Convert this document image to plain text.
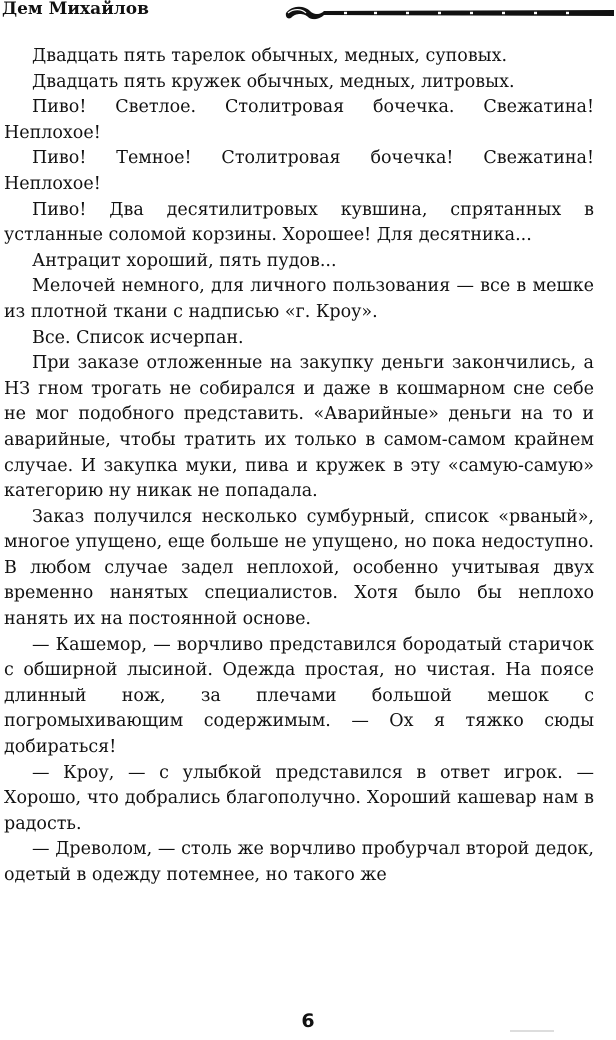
Дем Михайлов

Двадцать пять тарелок обычных, медных, суповых.

Двадцать пять кружек обычных, медных, литровых.

Пиво! Светлое. Столитровая бочечка. Свежатина! Неплохое!

Пиво! Темное! Столитровая бочечка! Свежатина! Неплохое!

Пиво! Два десятилитровых кувшина, спрятанных в устланные соломой корзины. Хорошее! Для десятника...

Антрацит хороший, пять пудов...

Мелочей немного, для личного пользования — все в мешке из плотной ткани с надписью «г. Кроу».

Все. Список исчерпан.

При заказе отложенные на закупку деньги закончились, а НЗ гном трогать не собирался и даже в кошмарном сне себе не мог подобного представить. «Аварийные» деньги на то и аварийные, чтобы тратить их только в самом-самом крайнем случае. И закупка муки, пива и кружек в эту «самую-самую» категорию ну никак не попадала.

Заказ получился несколько сумбурный, список «рваный», многое упущено, еще больше не упущено, но пока недоступно. В любом случае задел неплохой, особенно учитывая двух временно нанятых специалистов. Хотя было бы неплохо нанять их на постоянной основе.

— Кашемор, — ворчливо представился бородатый старичок с обширной лысиной. Одежда простая, но чистая. На поясе длинный нож, за плечами большой мешок с погромыхивающим содержимым. — Ох я тяжко сюды добираться!

— Кроу, — с улыбкой представился в ответ игрок. — Хорошо, что добрались благополучно. Хороший кашевар нам в радость.

— Древолом, — столь же ворчливо пробурчал второй дедок, одетый в одежду потемнее, но такого же

6
